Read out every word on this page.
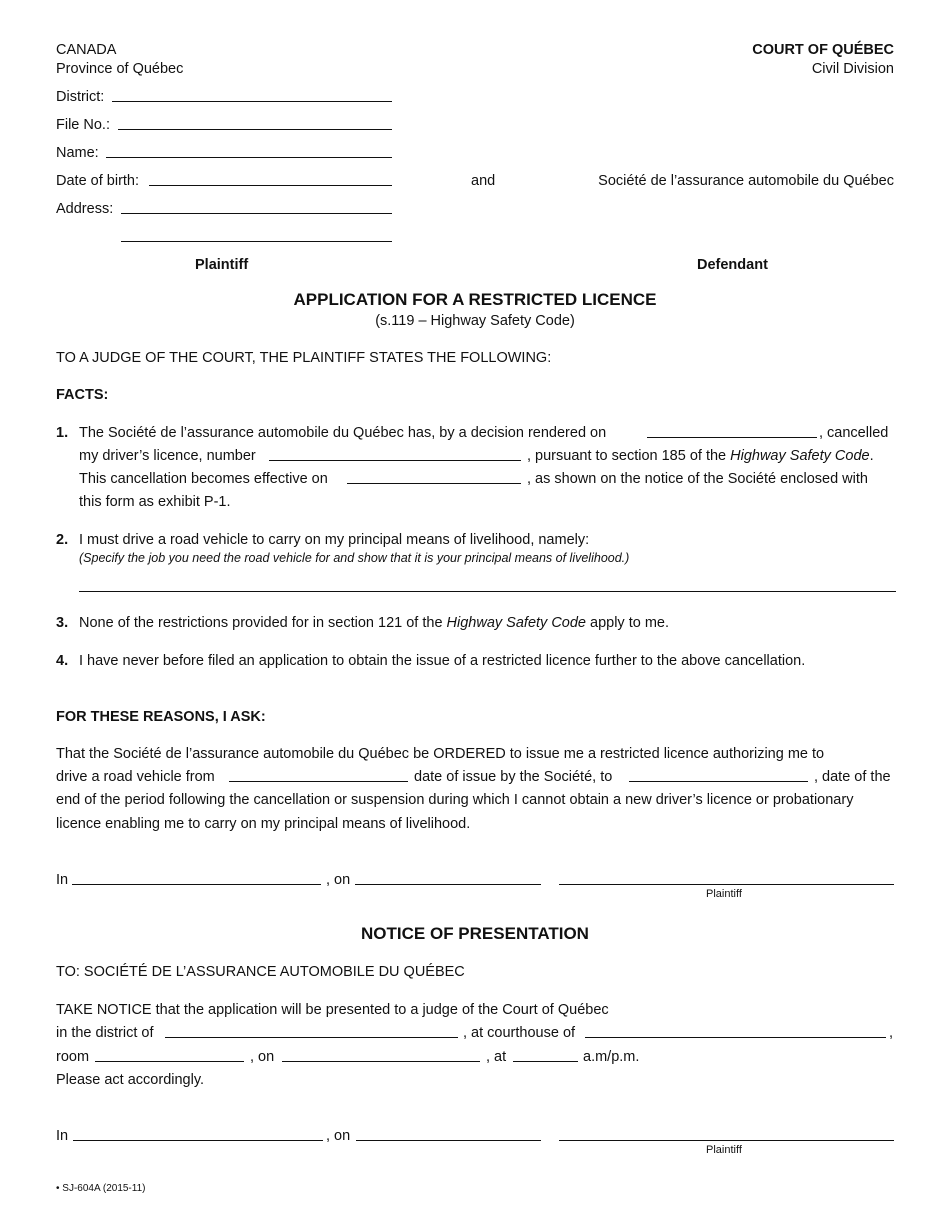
CANADA
Province of Québec
COURT OF QUÉBEC
Civil Division
District:
File No.:
Name:
Date of birth:
Address:
and	Société de l’assurance automobile du Québec
Plaintiff	Defendant
APPLICATION FOR A RESTRICTED LICENCE
(s.119 – Highway Safety Code)
TO A JUDGE OF THE COURT, THE PLAINTIFF STATES THE FOLLOWING:
FACTS:
1. The Société de l’assurance automobile du Québec has, by a decision rendered on	, cancelled
my driver’s licence, number	, pursuant to section 185 of the Highway Safety Code.
This cancellation becomes effective on	, as shown on the notice of the Société enclosed with
this form as exhibit P-1.
2. I must drive a road vehicle to carry on my principal means of livelihood, namely:
(Specify the job you need the road vehicle for and show that it is your principal means of livelihood.)
3. None of the restrictions provided for in section 121 of the Highway Safety Code apply to me.
4. I have never before filed an application to obtain the issue of a restricted licence further to the above cancellation.
FOR THESE REASONS, I ASK:
That the Société de l’assurance automobile du Québec be ORDERED to issue me a restricted licence authorizing me to
drive a road vehicle from	date of issue by the Société, to	, date of the
end of the period following the cancellation or suspension during which I cannot obtain a new driver’s licence or probationary
licence enabling me to carry on my principal means of livelihood.
In	, on
Plaintiff
NOTICE OF PRESENTATION
TO: SOCIÉTÉ DE L’ASSURANCE AUTOMOBILE DU QUÉBEC
TAKE NOTICE that the application will be presented to a judge of the Court of Québec
in the district of	, at courthouse of	,
room	, on	, at	a.m/p.m.
Please act accordingly.
In	, on
Plaintiff
• SJ-604A (2015-11)
